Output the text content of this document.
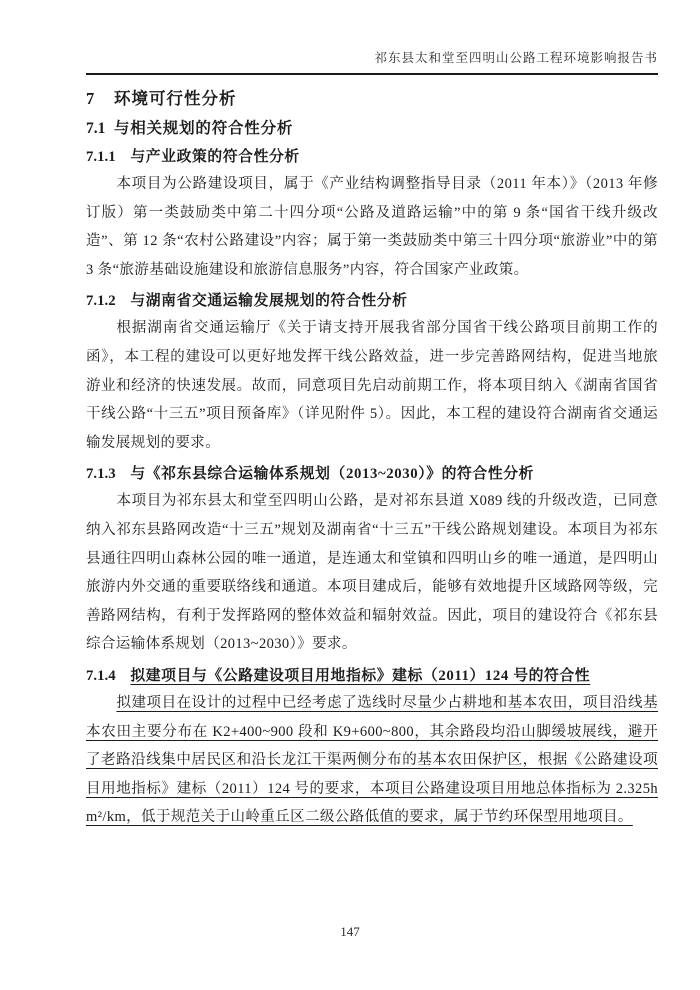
祁东县太和堂至四明山公路工程环境影响报告书
7 环境可行性分析
7.1 与相关规划的符合性分析
7.1.1 与产业政策的符合性分析

本项目为公路建设项目，属于《产业结构调整指导目录（2011 年本）》（2013 年修订版）第一类鼓励类中第二十四分项“公路及道路运输”中的第 9 条“国省干线升级改造”、第 12 条“农村公路建设”内容；属于第一类鼓励类中第三十四分项“旅游业”中的第 3 条“旅游基础设施建设和旅游信息服务”内容，符合国家产业政策。

7.1.2 与湖南省交通运输发展规划的符合性分析

根据湖南省交通运输厅《关于请支持开展我省部分国省干线公路项目前期工作的函》，本工程的建设可以更好地发挥干线公路效益，进一步完善路网结构，促进当地旅游业和经济的快速发展。故而，同意项目先启动前期工作，将本项目纳入《湖南省国省干线公路“十三五”项目预备库》（详见附件 5）。因此，本工程的建设符合湖南省交通运输发展规划的要求。

7.1.3 与《祁东县综合运输体系规划（2013~2030）》的符合性分析

本项目为祁东县太和堂至四明山公路，是对祁东县道 X089 线的升级改造，已同意纳入祁东县路网改造“十三五”规划及湖南省“十三五”干线公路规划建设。本项目为祁东县通往四明山森林公园的唯一通道，是连通太和堂镇和四明山乡的唯一通道，是四明山旅游内外交通的重要联络线和通道。本项目建成后，能够有效地提升区域路网等级，完善路网结构，有利于发挥路网的整体效益和辐射效益。因此，项目的建设符合《祁东县综合运输体系规划（2013~2030）》要求。

7.1.4 拟建项目与《公路建设项目用地指标》建标（2011）124 号的符合性

拟建项目在设计的过程中已经考虑了选线时尽量少占耕地和基本农田，项目沿线基本农田主要分布在 K2+400~900 段和 K9+600~800，其余路段均沿山脚缓坡展线，避开了老路沿线集中居民区和沿长龙江干渠两侧分布的基本农田保护区，根据《公路建设项目用地指标》建标（2011）124 号的要求，本项目公路建设项目用地总体指标为 2.325hm²/km，低于规范关于山岭重丘区二级公路低值的要求，属于节约环保型用地项目。

147
